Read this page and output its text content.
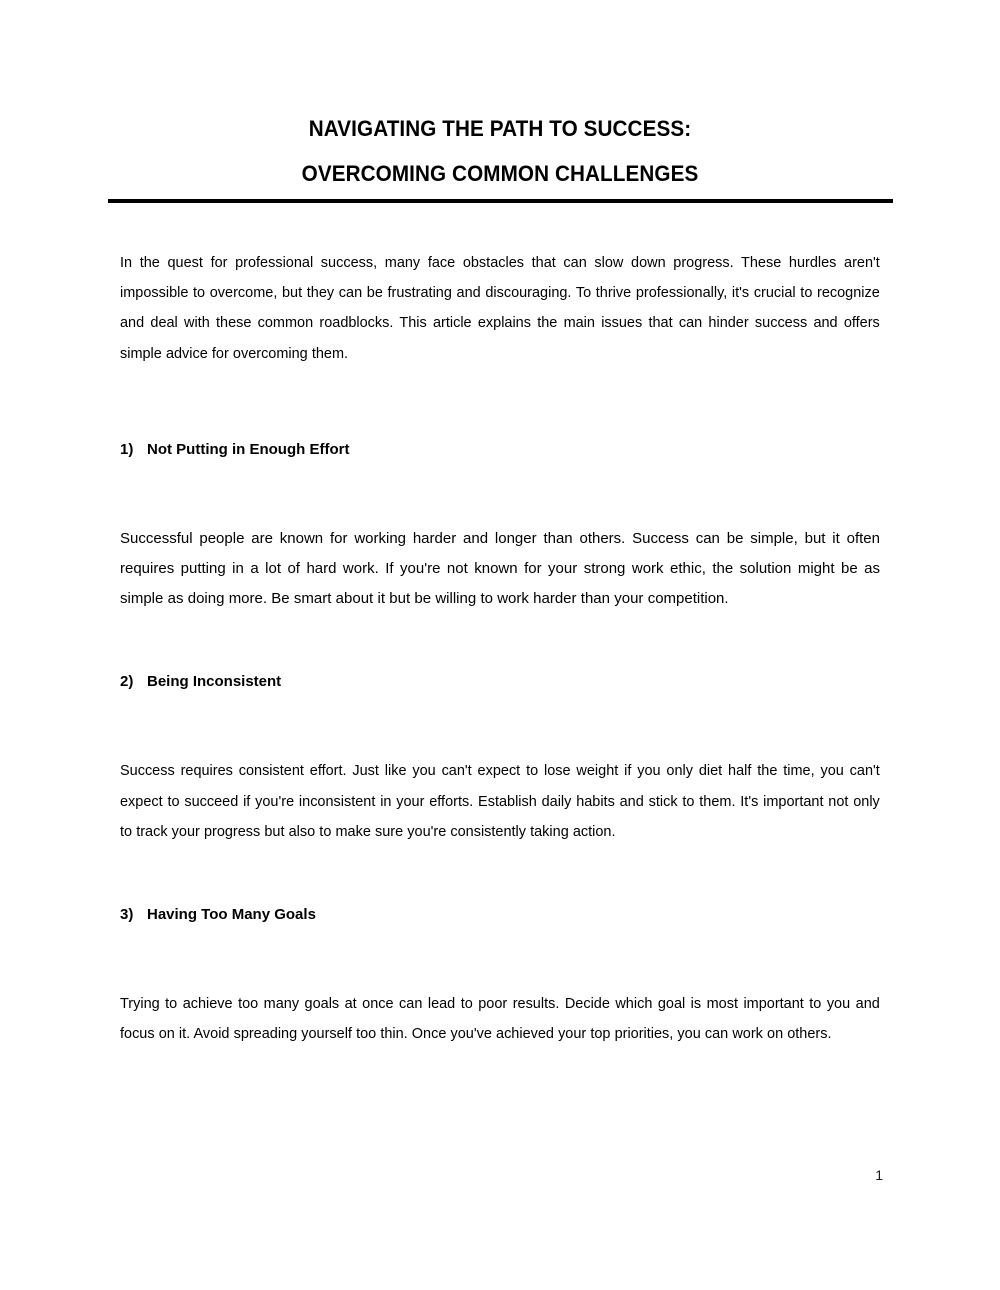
NAVIGATING THE PATH TO SUCCESS:
OVERCOMING COMMON CHALLENGES

In the quest for professional success, many face obstacles that can slow down progress. These hurdles aren't impossible to overcome, but they can be frustrating and discouraging. To thrive professionally, it's crucial to recognize and deal with these common roadblocks. This article explains the main issues that can hinder success and offers simple advice for overcoming them.

1) Not Putting in Enough Effort

Successful people are known for working harder and longer than others. Success can be simple, but it often requires putting in a lot of hard work. If you're not known for your strong work ethic, the solution might be as simple as doing more. Be smart about it but be willing to work harder than your competition.

2) Being Inconsistent

Success requires consistent effort. Just like you can't expect to lose weight if you only diet half the time, you can't expect to succeed if you're inconsistent in your efforts. Establish daily habits and stick to them. It's important not only to track your progress but also to make sure you're consistently taking action.

3) Having Too Many Goals

Trying to achieve too many goals at once can lead to poor results. Decide which goal is most important to you and focus on it. Avoid spreading yourself too thin. Once you've achieved your top priorities, you can work on others.

1
